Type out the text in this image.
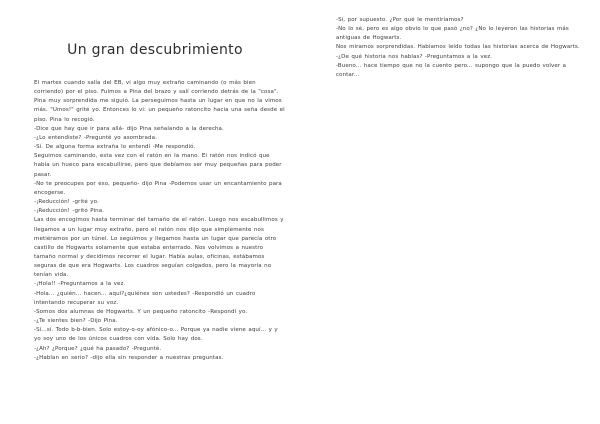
Un gran descubrimiento

El martes cuando salía del EB, vi algo muy extraño caminando (o más bien corriendo) por el piso. Fuimos a Pina del brazo y salí corriendo detrás de la "cosa". Pina muy sorprendida me siguió. La perseguimos hasta un lugar en que no la vimos más. "Umos!" grité yo. Entonces lo vi: un pequeño ratoncito hacia una seña desde el piso. Pina lo recogió.

-Dice que hay que ir para allá- dijo Pina señalando a la derecha.

-¿Lo entendiste? -Pregunté yo asombrada.

-Sí. De alguna forma extraña lo entendí -Me respondió.

Seguimos caminando, esta vez con el ratón en la mano. El ratón nos indicó que había un hueco para escabullirse, pero que debíamos ser muy pequeñas para poder pasar.

-No te preocupes por eso, pequeño- dijo Pina -Podemos usar un encantamiento para encogerse.

-¡Reducción! -grité yo.

-¡Reducción! -gritó Pina.

Las dos encogimos hasta terminar del tamaño de el ratón. Luego nos escabullimos y llegamos a un lugar muy extraño, pero el ratón nos dijo que simplemente nos metiéramos por un túnel. Lo seguimos y llegamos hasta un lugar que parecía otro castillo de Hogwarts solamente que estaba enterrado. Nos volvimos a nuestro tamaño normal y decidimos recorrer el lugar. Había aulas, oficinas, estábamos seguras de que era Hogwarts. Los cuadros seguían colgados, pero la mayoría no tenían vida.

-¡Hola!! -Preguntamos a la vez.

-Hola... ¿quién... hacen... aquí?¿quiénes son ustedes? -Respondió un cuadro intentando recuperar su voz.

-Somos dos alumnas de Hogwarts. Y un pequeño ratoncito -Respondí yo.

-¿Te sientes bien? -Dijo Pina.

-Sí...sí. Todo b-b-bien. Solo estoy-o-oy afónico-o... Porque ya nadie viene aquí... y y yo soy uno de los únicos cuadros con vida. Solo hay dos.

-¿Ah? ¿Porque? ¿qué ha pasado? -Pregunté.

-¿Hablan en serio? -dijo ella sin responder a nuestras preguntas.

-Sí, por supuesto. ¿Por qué le mentiríamos?

-No lo sé, pero es algo obvio lo que pasó ¿no? ¿No lo leyeron las historias más antiguas de Hogwarts.

Nos miramos sorprendidas. Habíamos leído todas las historias acerca de Hogwarts.

-¿De qué historia nos hablas? -Preguntamos a la vez.

-Bueno... hace tiempo que no la cuento pero... supongo que la puedo volver a contar...
